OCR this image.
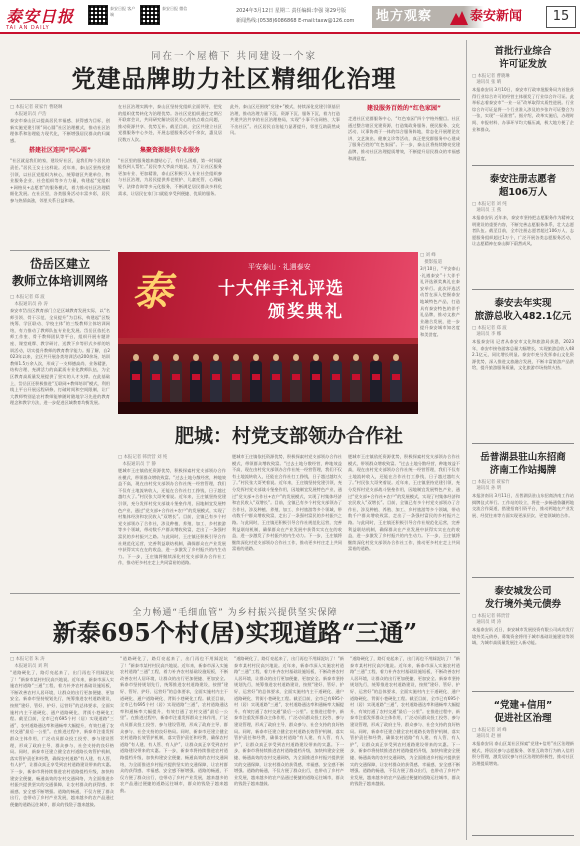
泰安日报
TAI AN DAILY
泰安日报 客户端
泰安日报 微信	2024年3月12日 星期二 责任编辑:李强 第29号版
新闻热线:(0538)6086868 E-mail:taxw@126.com	地方观察	泰安新闻	15
同在一个屋檐下 共同建设一个家
党建品牌助力社区精细化治理
□ 本报记者 聂家竹 曹晓琳
　本报通讯员 卢浩
泰安市泰山区以提高居民幸福感、获得感为目标，创新实施党建引领“同心圆”社区治理模式，推动社区治理体系和治理能力现代化，不断增强居民群众的归属感。
搭建社区连同“同心圆”
“社区就是我们的家，建设好社区，是我们每个居民的责任。”居民王女士这样说。近年来，泰山区坚持党建引领，以社区党组织为核心，统筹辖区共建单位、物业服务企业、社会组织等多方力量，构建起“党组织+网格员+志愿者”的服务模式，着力推动社区治理精细化发展。在社区里，各类服务活动丰富多彩，居民参与热情高涨，邻里关系日益和谐。
在社区治理实践中，泰山区坚持党组织全面领导，把党的组织优势转化为治理优势。各社区党组织通过定期召开联席会议，共同研究解决居民关心的热点难点问题，推动资源共享、优势互补。截至目前，全区共建立社区党群服务中心多处，开展志愿服务活动千余次，惠及居民数万人次。
集聚资源提供专业服务
“社区里的服务越来越贴心了，有什么困难，第一时间就能找到人帮忙。”居民李大爷高兴地说。为了让社区服务更加专业、更加精准，泰山区积极引入专业社会组织参与社区治理，为居民提供养老照护、儿童托管、心理疏导、法律咨询等多元化服务，不断满足居民群众多样化需求，让居民在家门口就能享受到便捷、优质的服务。
此外，泰山区还围绕“党建+”模式，持续深化党建引领基层治理，推动治理力量下沉、资源下沉、服务下沉，着力打造共建共治共享的社区治理格局，实现“小事不出网格、大事不出社区”。社区居民自治能力显著提升，邻里互助蔚然成风。
建设服务百姓的“红色家园”
走进社区党群服务中心，“红色家园”四个字格外醒目。社区通过整合辖区党建资源，打造集政务服务、便民服务、文化活动、议事协商于一体的综合服务阵地，常态化开展理论宣讲、文艺演出、健康义诊等活动，真正把党群服务中心建成了服务百姓的“红色家园”。下一步，泰山区将持续擦亮党建品牌，推动社区治理提质增效，不断提升居民群众的幸福感和满意度。
岱岳区建立
教师立体培训网络
□ 本报记者 郑 波
　本报通讯员 孙 涛
泰安市岱岳区教育部门立足区域教育发展实际，以“名师引领、骨干示范、全员提升”为目标，构建起“区级统筹、学区联动、学校主体”的三级教师立体培训网络，有力推动了教师队伍专业化发展。岱岳区依托名师工作室、骨干教师团队等平台，组织开展专题讲座、课堂观摩、教学研讨、送教下乡等形式多样的培训活动，切实提升教师的教育教学能力。据了解，自2023年以来，全区共开展各类培训活动200余场，培训教师1.5万余人次，形成了一支师德高尚、业务精湛、结构合理、充满活力的高素质专业化教师队伍，为全区教育高质量发展提供了坚实的人才支撑。在此基础上，岱岳区还积极推进“互联网+教师培训”模式，利用线上平台开展远程研修，打破时间和空间限制，让广大教师特别是农村教师能够随时随地学习先进的教育理念和教学方法，进一步促进区域教育均衡发展。
泰
平安泰山 · 礼遇泰安
十大伴手礼评选
颁奖典礼
□ 刘 峰
　摄影报道
3月10日，“平安泰山·礼遇泰安”十大伴手礼评选颁奖典礼在泰安举行。此次评选活动旨在深入挖掘泰安地域特色产品，打造具有泰安特色的伴手礼品牌，推动文旅产业融合发展，进一步提升泰安城市知名度和美誉度。
肥城：村党支部领办合作社
□ 本报记者 韩贵营 刘 纯
　本报通讯员 于 静
肥城市王庄镇依托资源优势，积极探索村党支部领办合作社模式，带领群众增收致富。“过去土地分散经营，种地效益不高，现在由村党支部领办合作社统一经营管理，我们不仅有土地流转收入，还能在合作社打工挣钱，日子越过越红火了。”村民张大哥笑着说。近年来，王庄镇坚持党建引领，充分发挥村党支部战斗堡垒作用，因地制宜发展特色产业，通过“党支部+合作社+农户”的发展模式，实现了村集体经济和农民收入“双增长”。目前，全镇已有多个村党支部领办了合作社，涉及种植、养殖、加工、乡村旅游等多个领域，带动数千户群众增收致富，走出了一条强村富民的乡村振兴之路。与此同时，王庄镇还积极引导合作社规范化运营，完善利益联结机制，确保群众在产业发展中获得实实在在的收益，进一步激发了乡村振兴的内生动力。下一步，王庄镇将继续深化村党支部领办合作社工作，推动更多村庄走上共同富裕的道路。
肥城市王庄镇依托资源优势，积极探索村党支部领办合作社模式，带领群众增收致富。“过去土地分散经营，种地效益不高，现在由村党支部领办合作社统一经营管理，我们不仅有土地流转收入，还能在合作社打工挣钱，日子越过越红火了。”村民张大哥笑着说。近年来，王庄镇坚持党建引领，充分发挥村党支部战斗堡垒作用，因地制宜发展特色产业，通过“党支部+合作社+农户”的发展模式，实现了村集体经济和农民收入“双增长”。目前，全镇已有多个村党支部领办了合作社，涉及种植、养殖、加工、乡村旅游等多个领域，带动数千户群众增收致富，走出了一条强村富民的乡村振兴之路。与此同时，王庄镇还积极引导合作社规范化运营，完善利益联结机制，确保群众在产业发展中获得实实在在的收益，进一步激发了乡村振兴的内生动力。下一步，王庄镇将继续深化村党支部领办合作社工作，推动更多村庄走上共同富裕的道路。
肥城市王庄镇依托资源优势，积极探索村党支部领办合作社模式，带领群众增收致富。“过去土地分散经营，种地效益不高，现在由村党支部领办合作社统一经营管理，我们不仅有土地流转收入，还能在合作社打工挣钱，日子越过越红火了。”村民张大哥笑着说。近年来，王庄镇坚持党建引领，充分发挥村党支部战斗堡垒作用，因地制宜发展特色产业，通过“党支部+合作社+农户”的发展模式，实现了村集体经济和农民收入“双增长”。目前，全镇已有多个村党支部领办了合作社，涉及种植、养殖、加工、乡村旅游等多个领域，带动数千户群众增收致富，走出了一条强村富民的乡村振兴之路。与此同时，王庄镇还积极引导合作社规范化运营，完善利益联结机制，确保群众在产业发展中获得实实在在的收益，进一步激发了乡村振兴的内生动力。下一步，王庄镇将继续深化村党支部领办合作社工作，推动更多村庄走上共同富裕的道路。
全力畅通“毛细血管” 为乡村振兴提供坚实保障
新泰695个村(居)实现道路“三通”
□ 本报记者 朱 涛
　本报通讯员 刘 利
“道路硬化了，路灯亮起来了，出门再也不用踩泥坑了！”新泰市某村村民高兴地说。近年来，新泰市深入实施农村道路“三通”工程，着力补齐农村基础设施短板，不断改善农村人居环境，让群众的出行更加便捷、更加安全。新泰市坚持规划先行，统筹推进农村道路建设，按照“建好、管好、护好、运营好”的总体要求，全面实施村内主干道硬化、通户道路硬化、背街小巷硬化工程。截至目前，全市已有695个村（居）实现道路“三通”，农村道路通达率和通畅率大幅提升，有效打通了农村交通“最后一公里”。在推进过程中，新泰市注重发挥群众主体作用，广泛动员群众投工投劳、参与建设管理，形成了政府主导、群众参与、社会支持的良好格局。同时，新泰市还建立健全农村道路长效管护机制，落实管护责任和经费，确保农村道路“有人建、有人管、有人护”，让群众真正享受到农村道路建设带来的实惠。下一步，新泰市将持续推进农村道路提档升级，加快构建安全便捷、畅通高效的农村交通网络，为全面推进乡村振兴提供坚实的交通保障，让农村群众的获得感、幸福感、安全感不断增强。道路的畅通，不仅方便了群众出行，也带动了乡村产业发展，越来越多的农产品通过便捷的道路运往城市，群众的钱袋子越来越鼓。
“道路硬化了，路灯亮起来了，出门再也不用踩泥坑了！”新泰市某村村民高兴地说。近年来，新泰市深入实施农村道路“三通”工程，着力补齐农村基础设施短板，不断改善农村人居环境，让群众的出行更加便捷、更加安全。新泰市坚持规划先行，统筹推进农村道路建设，按照“建好、管好、护好、运营好”的总体要求，全面实施村内主干道硬化、通户道路硬化、背街小巷硬化工程。截至目前，全市已有695个村（居）实现道路“三通”，农村道路通达率和通畅率大幅提升，有效打通了农村交通“最后一公里”。在推进过程中，新泰市注重发挥群众主体作用，广泛动员群众投工投劳、参与建设管理，形成了政府主导、群众参与、社会支持的良好格局。同时，新泰市还建立健全农村道路长效管护机制，落实管护责任和经费，确保农村道路“有人建、有人管、有人护”，让群众真正享受到农村道路建设带来的实惠。下一步，新泰市将持续推进农村道路提档升级，加快构建安全便捷、畅通高效的农村交通网络，为全面推进乡村振兴提供坚实的交通保障，让农村群众的获得感、幸福感、安全感不断增强。道路的畅通，不仅方便了群众出行，也带动了乡村产业发展，越来越多的农产品通过便捷的道路运往城市，群众的钱袋子越来越鼓。
“道路硬化了，路灯亮起来了，出门再也不用踩泥坑了！”新泰市某村村民高兴地说。近年来，新泰市深入实施农村道路“三通”工程，着力补齐农村基础设施短板，不断改善农村人居环境，让群众的出行更加便捷、更加安全。新泰市坚持规划先行，统筹推进农村道路建设，按照“建好、管好、护好、运营好”的总体要求，全面实施村内主干道硬化、通户道路硬化、背街小巷硬化工程。截至目前，全市已有695个村（居）实现道路“三通”，农村道路通达率和通畅率大幅提升，有效打通了农村交通“最后一公里”。在推进过程中，新泰市注重发挥群众主体作用，广泛动员群众投工投劳、参与建设管理，形成了政府主导、群众参与、社会支持的良好格局。同时，新泰市还建立健全农村道路长效管护机制，落实管护责任和经费，确保农村道路“有人建、有人管、有人护”，让群众真正享受到农村道路建设带来的实惠。下一步，新泰市将持续推进农村道路提档升级，加快构建安全便捷、畅通高效的农村交通网络，为全面推进乡村振兴提供坚实的交通保障，让农村群众的获得感、幸福感、安全感不断增强。道路的畅通，不仅方便了群众出行，也带动了乡村产业发展，越来越多的农产品通过便捷的道路运往城市，群众的钱袋子越来越鼓。
“道路硬化了，路灯亮起来了，出门再也不用踩泥坑了！”新泰市某村村民高兴地说。近年来，新泰市深入实施农村道路“三通”工程，着力补齐农村基础设施短板，不断改善农村人居环境，让群众的出行更加便捷、更加安全。新泰市坚持规划先行，统筹推进农村道路建设，按照“建好、管好、护好、运营好”的总体要求，全面实施村内主干道硬化、通户道路硬化、背街小巷硬化工程。截至目前，全市已有695个村（居）实现道路“三通”，农村道路通达率和通畅率大幅提升，有效打通了农村交通“最后一公里”。在推进过程中，新泰市注重发挥群众主体作用，广泛动员群众投工投劳、参与建设管理，形成了政府主导、群众参与、社会支持的良好格局。同时，新泰市还建立健全农村道路长效管护机制，落实管护责任和经费，确保农村道路“有人建、有人管、有人护”，让群众真正享受到农村道路建设带来的实惠。下一步，新泰市将持续推进农村道路提档升级，加快构建安全便捷、畅通高效的农村交通网络，为全面推进乡村振兴提供坚实的交通保障，让农村群众的获得感、幸福感、安全感不断增强。道路的畅通，不仅方便了群众出行，也带动了乡村产业发展，越来越多的农产品通过便捷的道路运往城市，群众的钱袋子越来越鼓。
首批行业综合
许可证发放
□ 本报记者 曹晓琳
　通讯员 张 晴
本报泰安讯 3月10日，泰安市行政审批服务局为首批获得行业综合许可的经营主体颁发了行业综合许可证。此举标志着泰安市“一业一证”改革取得实质性进展。行业综合许可证是将一个行业准入涉及的多张许可证整合为一张，实现“一证准营”。据介绍，改革实施后，办理时间、申报材料、办事环节均大幅压减，极大地方便了企业和群众。
泰安注册志愿者
超106万人
□ 本报记者 刘 纯
　通讯员 王 燕
本报泰安讯 近年来，泰安市坚持把志愿服务作为精神文明建设的重要内容，不断完善志愿服务体系，壮大志愿者队伍。截至目前，全市注册志愿者超过106万人，志愿服务组织超过1万个，广泛开展各类志愿服务活动，让志愿精神在泰山脚下蔚然成风。
泰安去年实现
旅游总收入482.1亿元
□ 本报记者 郑 波
　通讯员 李 娜
本报泰安讯 记者从泰安市文化和旅游局获悉，2023年，泰安市接待游客总量大幅增长，实现旅游总收入482.1亿元，同比增长明显。泰安市充分发挥泰山文化资源优势，深入推进文旅融合发展，不断丰富旅游产品供给，提升旅游服务质量，文化旅游市场持续火热。
岳普湖县驻山东招商
济南工作站揭牌
□ 本报记者 聂家竹
　通讯员 孙 明
本报济南讯 3月11日，岳普湖县驻山东招商济南工作站揭牌仪式举行。工作站的设立，将进一步畅通鲁疆两地交流合作渠道，搭建招商引资平台，推动两地在产业发展、经贸往来等方面实现更深层次、更宽领域的合作。
泰安城发公司
发行境外美元债券
□ 本报记者 韩贵营
　通讯员 周 涛
本报泰安讯 近日，泰安城市发展投资有限公司成功发行境外美元债券，募集资金将用于城市基础设施建设等领域，为城市高质量发展注入新动能。
“党建+信用”
促进社区治理
□ 本报记者 刘 峰
　通讯员 赵 丽
本报泰安讯 泰山区某社区探索“党建+信用”社区治理新模式，将居民参与志愿服务、邻里互助等行为纳入信用积分管理，激发居民参与社区治理的积极性，推动社区治理提质增效。
